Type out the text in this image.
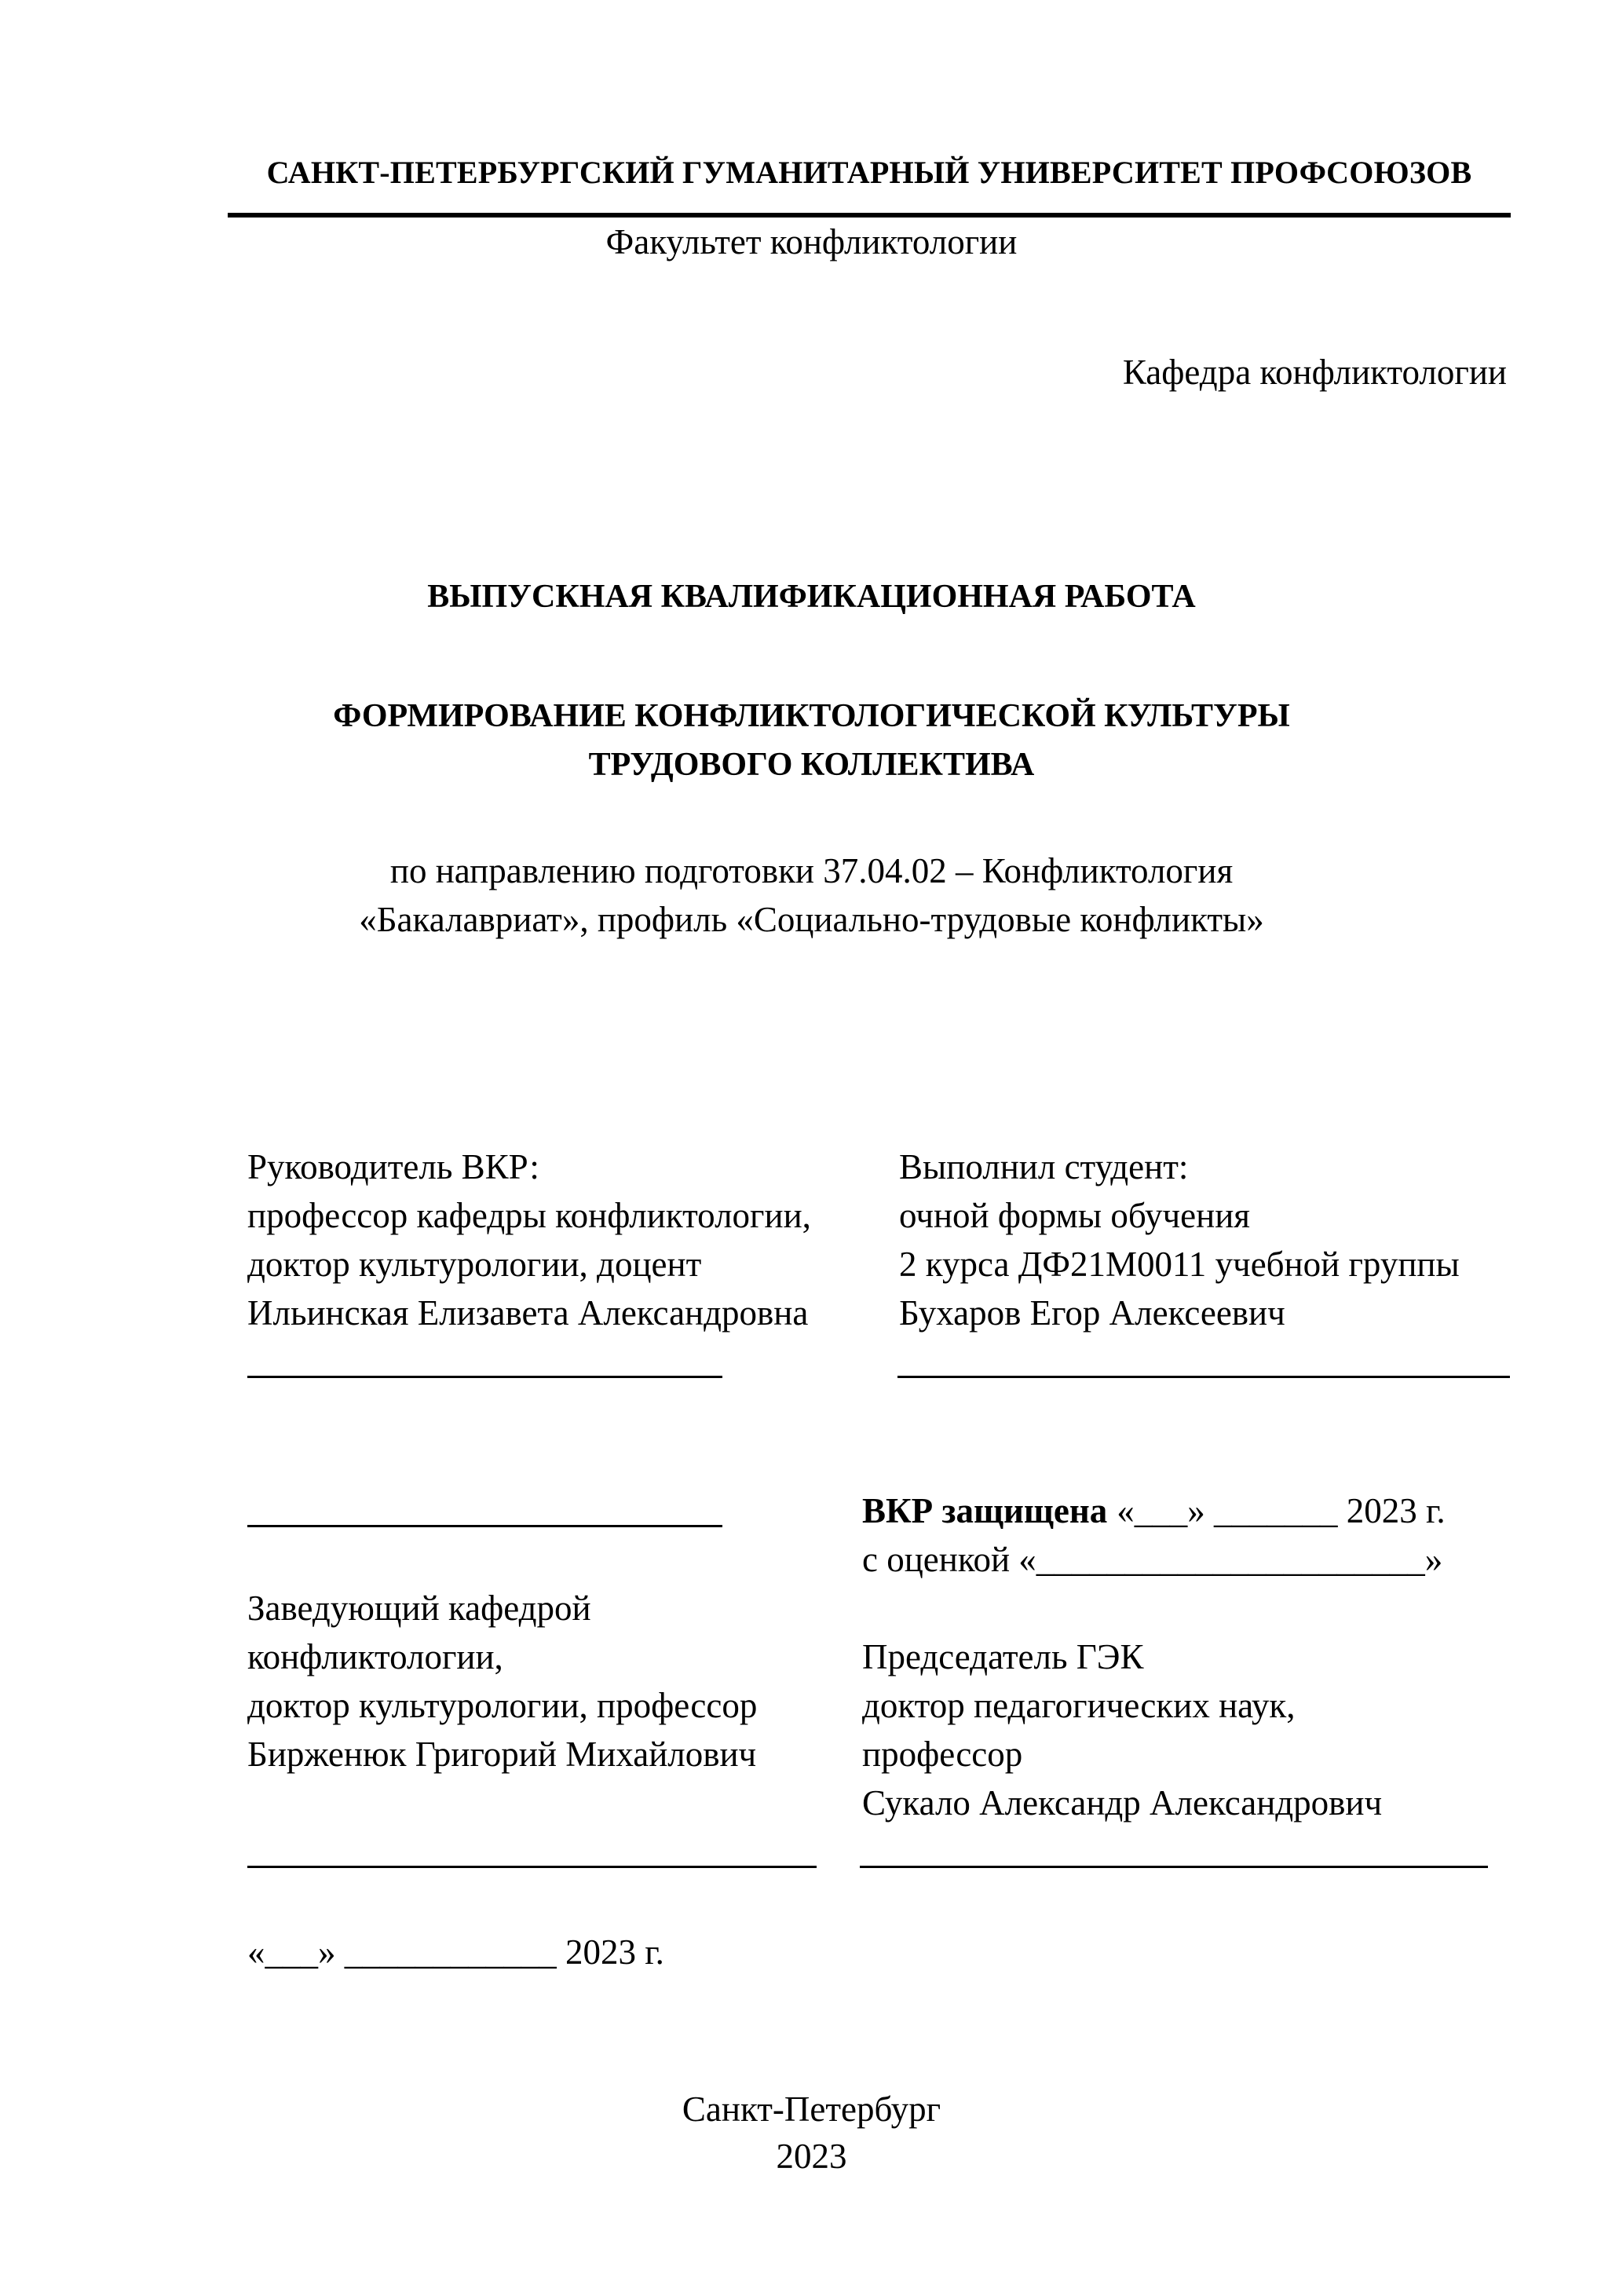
САНКТ-ПЕТЕРБУРГСКИЙ ГУМАНИТАРНЫЙ УНИВЕРСИТЕТ ПРОФСОЮЗОВ
Факультет конфликтологии
Кафедра конфликтологии
ВЫПУСКНАЯ КВАЛИФИКАЦИОННАЯ РАБОТА
ФОРМИРОВАНИЕ КОНФЛИКТОЛОГИЧЕСКОЙ КУЛЬТУРЫ
ТРУДОВОГО КОЛЛЕКТИВА
по направлению подготовки 37.04.02 – Конфликтология
«Бакалавриат», профиль «Социально-трудовые конфликты»
Руководитель ВКР:
профессор кафедры конфликтологии,
доктор культурологии, доцент
Ильинская Елизавета Александровна
Выполнил студент:
очной формы обучения
2 курса ДФ21М0011 учебной группы
Бухаров Егор Алексеевич
ВКР защищена «___» _______ 2023 г.
с оценкой «______________________»
Заведующий кафедрой
конфликтологии,
доктор культурологии, профессор
Бирженюк Григорий Михайлович
Председатель ГЭК
доктор педагогических наук,
профессор
Сукало Александр Александрович
«___» ____________ 2023 г.
Санкт-Петербург
2023
